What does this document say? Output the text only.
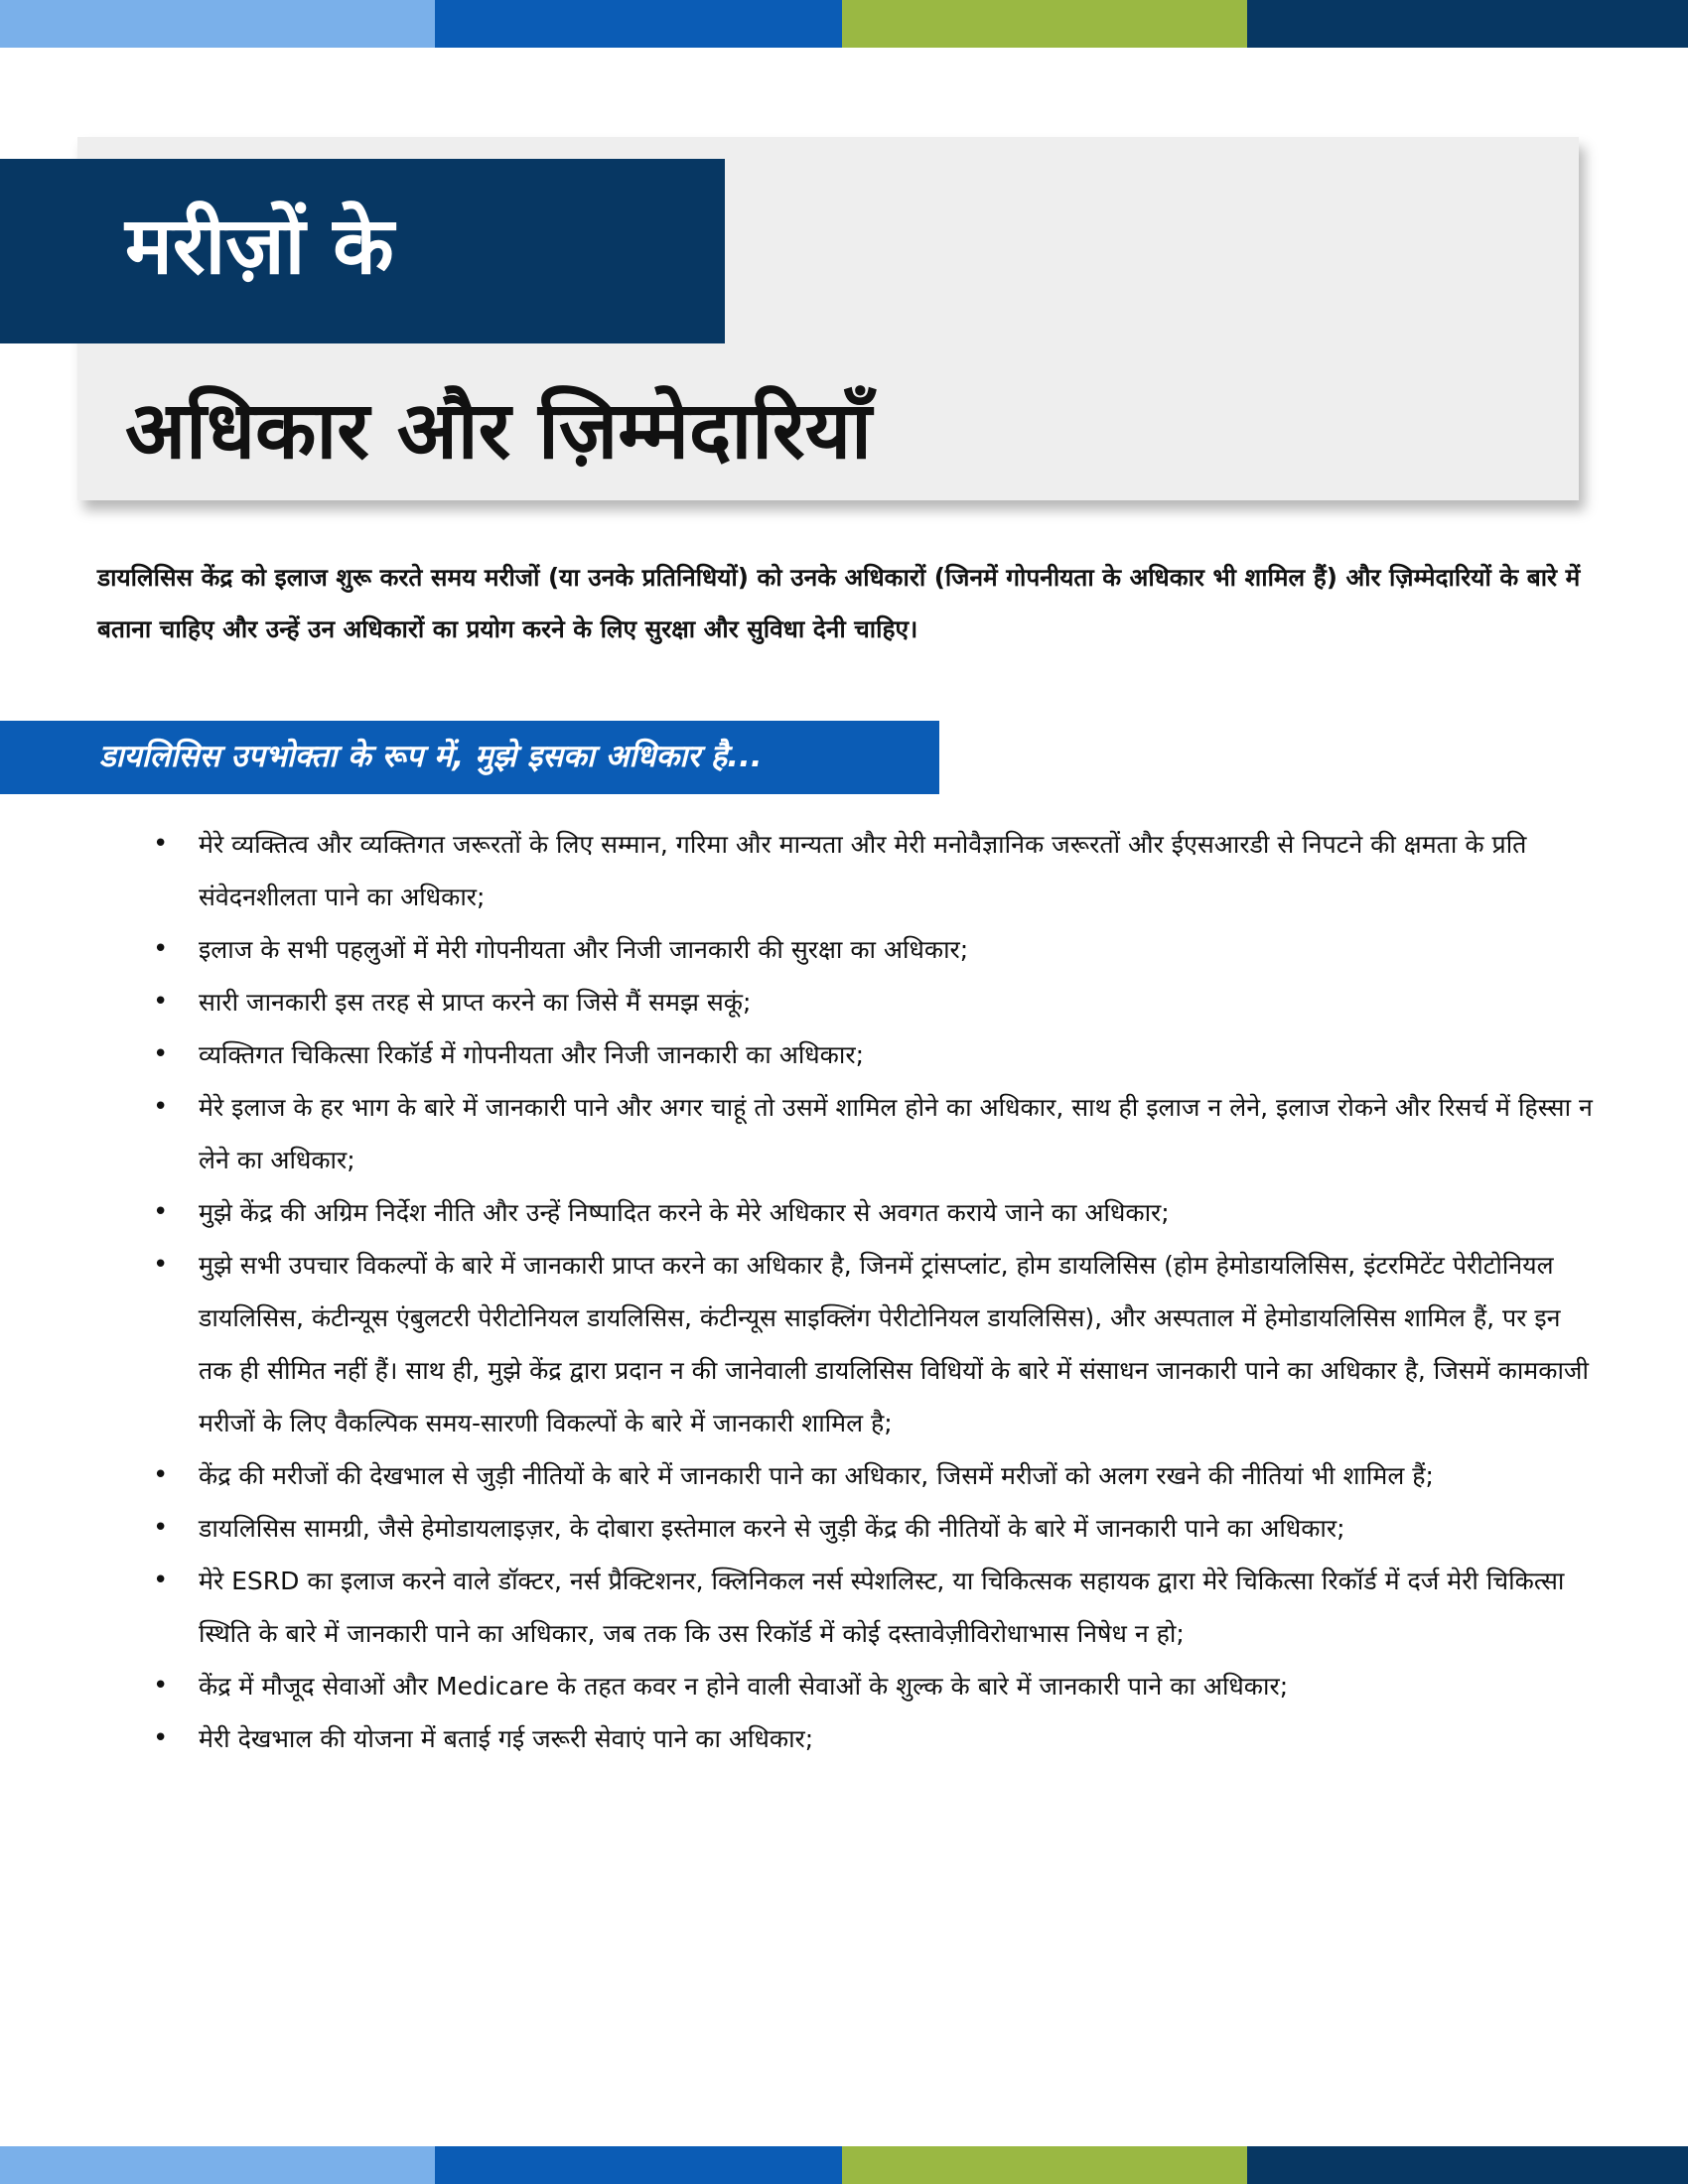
मरीज़ों के
अधिकार और ज़िम्मेदारियाँ
डायलिसिस केंद्र को इलाज शुरू करते समय मरीजों (या उनके प्रतिनिधियों) को उनके अधिकारों (जिनमें गोपनीयता के अधिकार भी शामिल हैं) और ज़िम्मेदारियों के बारे में बताना चाहिए और उन्हें उन अधिकारों का प्रयोग करने के लिए सुरक्षा और सुविधा देनी चाहिए।
डायलिसिस उपभोक्ता के रूप में, मुझे इसका अधिकार है...
• मेरे व्यक्तित्व और व्यक्तिगत जरूरतों के लिए सम्मान, गरिमा और मान्यता और मेरी मनोवैज्ञानिक जरूरतों और ईएसआरडी से निपटने की क्षमता के प्रति संवेदनशीलता पाने का अधिकार;
• इलाज के सभी पहलुओं में मेरी गोपनीयता और निजी जानकारी की सुरक्षा का अधिकार;
• सारी जानकारी इस तरह से प्राप्त करने का जिसे मैं समझ सकूं;
• व्यक्तिगत चिकित्सा रिकॉर्ड में गोपनीयता और निजी जानकारी का अधिकार;
• मेरे इलाज के हर भाग के बारे में जानकारी पाने और अगर चाहूं तो उसमें शामिल होने का अधिकार, साथ ही इलाज न लेने, इलाज रोकने और रिसर्च में हिस्सा न लेने का अधिकार;
• मुझे केंद्र की अग्रिम निर्देश नीति और उन्हें निष्पादित करने के मेरे अधिकार से अवगत कराये जाने का अधिकार;
• मुझे सभी उपचार विकल्पों के बारे में जानकारी प्राप्त करने का अधिकार है, जिनमें ट्रांसप्लांट, होम डायलिसिस (होम हेमोडायलिसिस, इंटरमिटेंट पेरीटोनियल डायलिसिस, कंटीन्यूस एंबुलटरी पेरीटोनियल डायलिसिस, कंटीन्यूस साइक्लिंग पेरीटोनियल डायलिसिस), और अस्पताल में हेमोडायलिसिस शामिल हैं, पर इन तक ही सीमित नहीं हैं। साथ ही, मुझे केंद्र द्वारा प्रदान न की जानेवाली डायलिसिस विधियों के बारे में संसाधन जानकारी पाने का अधिकार है, जिसमें कामकाजी मरीजों के लिए वैकल्पिक समय-सारणी विकल्पों के बारे में जानकारी शामिल है;
• केंद्र की मरीजों की देखभाल से जुड़ी नीतियों के बारे में जानकारी पाने का अधिकार, जिसमें मरीजों को अलग रखने की नीतियां भी शामिल हैं;
• डायलिसिस सामग्री, जैसे हेमोडायलाइज़र, के दोबारा इस्तेमाल करने से जुड़ी केंद्र की नीतियों के बारे में जानकारी पाने का अधिकार;
• मेरे ESRD का इलाज करने वाले डॉक्टर, नर्स प्रैक्टिशनर, क्लिनिकल नर्स स्पेशलिस्ट, या चिकित्सक सहायक द्वारा मेरे चिकित्सा रिकॉर्ड में दर्ज मेरी चिकित्सा स्थिति के बारे में जानकारी पाने का अधिकार, जब तक कि उस रिकॉर्ड में कोई दस्तावेज़ीविरोधाभास निषेध न हो;
• केंद्र में मौजूद सेवाओं और Medicare के तहत कवर न होने वाली सेवाओं के शुल्क के बारे में जानकारी पाने का अधिकार;
• मेरी देखभाल की योजना में बताई गई जरूरी सेवाएं पाने का अधिकार;
